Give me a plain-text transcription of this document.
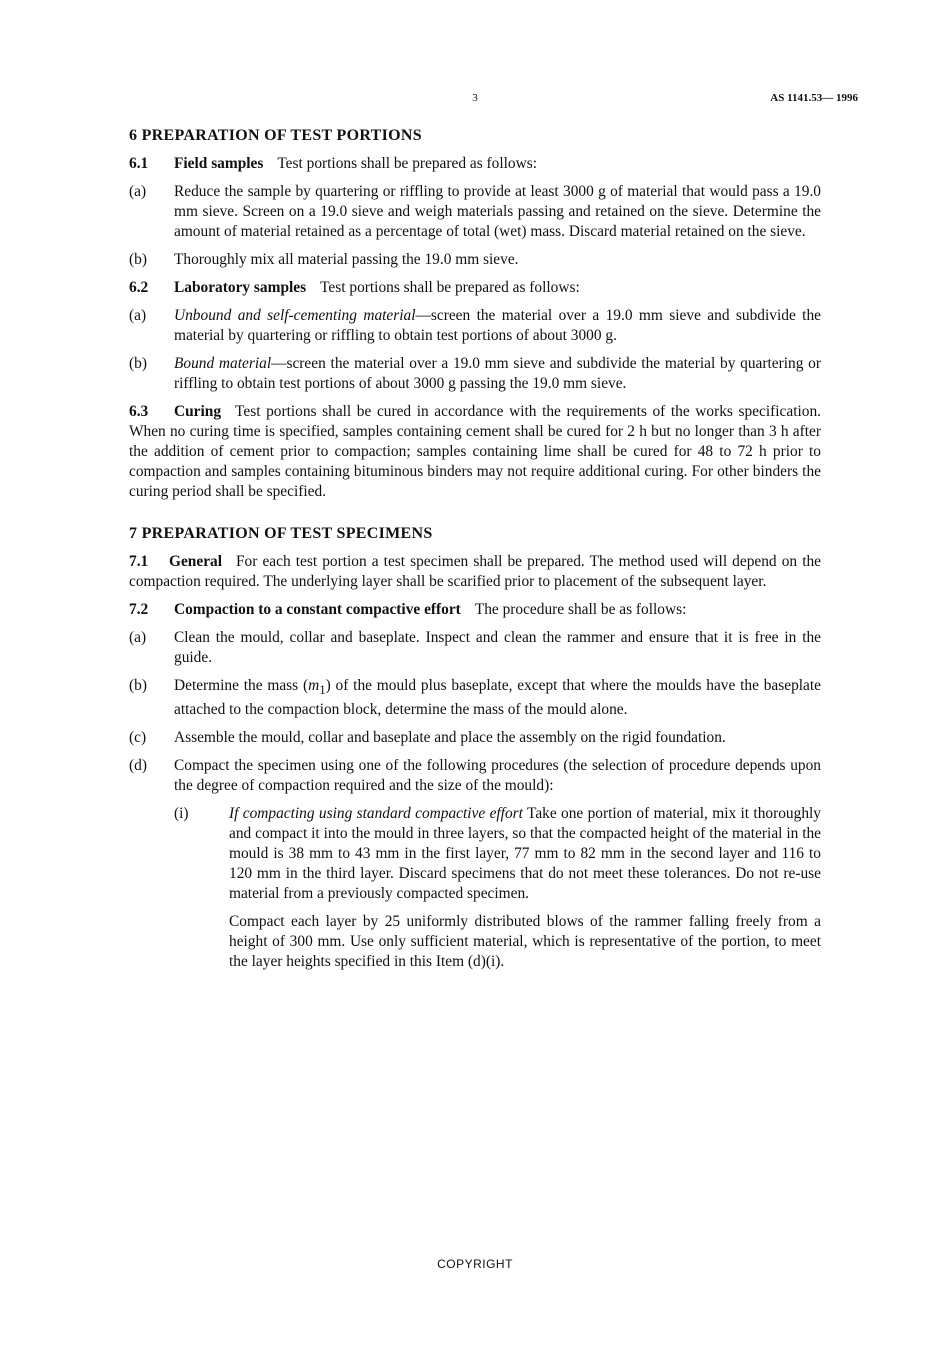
3	AS 1141.53— 1996
6 PREPARATION OF TEST PORTIONS

6.1 Field samples Test portions shall be prepared as follows:

(a)	Reduce the sample by quartering or riffling to provide at least 3000 g of material that would pass a 19.0 mm sieve. Screen on a 19.0 sieve and weigh materials passing and retained on the sieve. Determine the amount of material retained as a percentage of total (wet) mass. Discard material retained on the sieve.
(b)	Thoroughly mix all material passing the 19.0 mm sieve.

6.2 Laboratory samples Test portions shall be prepared as follows:

(a)	Unbound and self-cementing material—screen the material over a 19.0 mm sieve and subdivide the material by quartering or riffling to obtain test portions of about 3000 g.
(b)	Bound material—screen the material over a 19.0 mm sieve and subdivide the material by quartering or riffling to obtain test portions of about 3000 g passing the 19.0 mm sieve.

6.3 Curing Test portions shall be cured in accordance with the requirements of the works specification. When no curing time is specified, samples containing cement shall be cured for 2 h but no longer than 3 h after the addition of cement prior to compaction; samples containing lime shall be cured for 48 to 72 h prior to compaction and samples containing bituminous binders may not require additional curing. For other binders the curing period shall be specified.

7 PREPARATION OF TEST SPECIMENS

7.1 General For each test portion a test specimen shall be prepared. The method used will depend on the compaction required. The underlying layer shall be scarified prior to placement of the subsequent layer.

7.2 Compaction to a constant compactive effort The procedure shall be as follows:

(a)	Clean the mould, collar and baseplate. Inspect and clean the rammer and ensure that it is free in the guide.
(b)	Determine the mass $(m_1)$ of the mould plus baseplate, except that where the moulds have the baseplate attached to the compaction block, determine the mass of the mould alone.
(c)	Assemble the mould, collar and baseplate and place the assembly on the rigid foundation.
(d)	Compact the specimen using one of the following procedures (the selection of procedure depends upon the degree of compaction required and the size of the mould):
(i)	If compacting using standard compactive effort Take one portion of material, mix it thoroughly and compact it into the mould in three layers, so that the compacted height of the material in the mould is 38 mm to 43 mm in the first layer, 77 mm to 82 mm in the second layer and 116 to 120 mm in the third layer. Discard specimens that do not meet these tolerances. Do not re-use material from a previously compacted specimen.

Compact each layer by 25 uniformly distributed blows of the rammer falling freely from a height of 300 mm. Use only sufficient material, which is representative of the portion, to meet the layer heights specified in this Item (d)(i).

COPYRIGHT
